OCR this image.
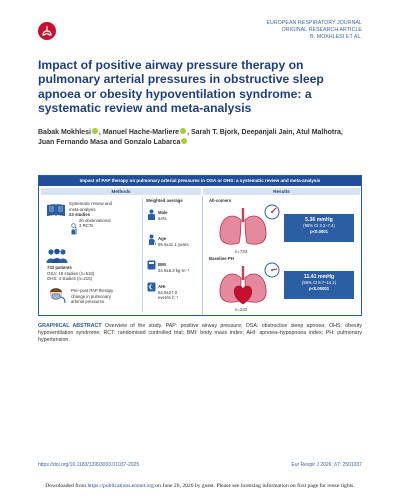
EUROPEAN RESPIRATORY JOURNAL
ORIGINAL RESEARCH ARTICLE
B. MOKHLESI ET AL.
Impact of positive airway pressure therapy on pulmonary arterial pressures in obstructive sleep apnoea or obesity hypoventilation syndrome: a systematic review and meta-analysis
Babak Mokhlesi , Manuel Hache-Marliere , Sarah T. Bjork, Deepanjali Jain, Atul Malhotra,
Juan Fernando Masa and Gonzalo Labarca
Impact of PAP therapy on pulmonary arterial pressures in OSA or OHS: a systematic review and meta-analysis
Methods	Results
Systematic review and
meta-analysis
23 studies
20 observational
3 RCTs
733 patients
OSA: 19 studies (n=518)
OHS: 4 studies (n=215)
Pre–post PAP therapy
change in pulmonary
arterial pressures
Weighted average
Male
64%
Age
55.9±11.1 years
BMI
34.9±6.3 kg·m⁻²
AHI
54.9±27.0
events·h⁻¹
All-comers
5.36 mmHg
(95% CI 3.2–7.4)
p<0.0001
n=733
Baseline PH
11.41 mmHg
(95% CI 8.7–14.1)
p<0.00001
n=233
GRAPHICAL ABSTRACT Overview of the study. PAP: positive airway pressure; OSA: obstructive sleep apnoea; OHS: obesity hypoventilation syndrome; RCT: randomised controlled trial; BMI: body mass index; AHI: apnoea–hypopnoea index; PH: pulmonary hypertension.
https://doi.org/10.1183/13993003.01037-2025	Eur Respir J 2026; 67: 2501037
Downloaded from https://publications.ersnet.org on June 26, 2026 by guest. Please see licensing information on first page for reuse rights.
